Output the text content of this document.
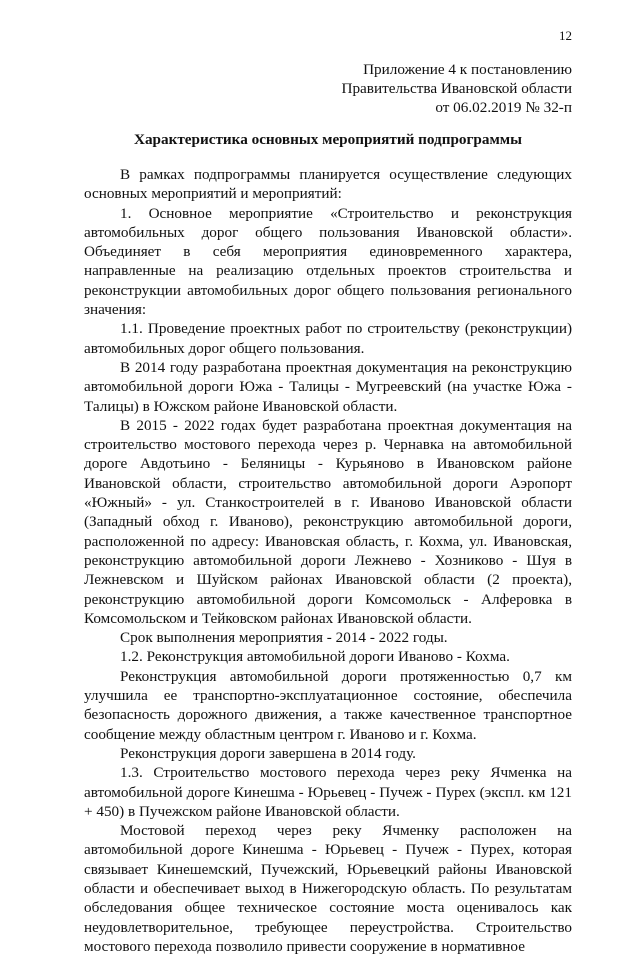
12
Приложение 4 к постановлению
Правительства Ивановской области
от 06.02.2019 № 32-п
Характеристика основных мероприятий подпрограммы

В рамках подпрограммы планируется осуществление следующих основных мероприятий и мероприятий:

1. Основное мероприятие «Строительство и реконструкция автомобильных дорог общего пользования Ивановской области». Объединяет в себя мероприятия единовременного характера, направленные на реализацию отдельных проектов строительства и реконструкции автомобильных дорог общего пользования регионального значения:

1.1. Проведение проектных работ по строительству (реконструкции) автомобильных дорог общего пользования.

В 2014 году разработана проектная документация на реконструкцию автомобильной дороги Южа - Талицы - Мугреевский (на участке Южа - Талицы) в Южском районе Ивановской области.

В 2015 - 2022 годах будет разработана проектная документация на строительство мостового перехода через р. Чернавка на автомобильной дороге Авдотьино - Беляницы - Курьяново в Ивановском районе Ивановской области, строительство автомобильной дороги Аэропорт «Южный» - ул. Станкостроителей в г. Иваново Ивановской области (Западный обход г. Иваново), реконструкцию автомобильной дороги, расположенной по адресу: Ивановская область, г. Кохма, ул. Ивановская, реконструкцию автомобильной дороги Лежнево - Хозниково - Шуя в Лежневском и Шуйском районах Ивановской области (2 проекта), реконструкцию автомобильной дороги Комсомольск - Алферовка в Комсомольском и Тейковском районах Ивановской области.

Срок выполнения мероприятия - 2014 - 2022 годы.

1.2. Реконструкция автомобильной дороги Иваново - Кохма.

Реконструкция автомобильной дороги протяженностью 0,7 км улучшила ее транспортно-эксплуатационное состояние, обеспечила безопасность дорожного движения, а также качественное транспортное сообщение между областным центром г. Иваново и г. Кохма.

Реконструкция дороги завершена в 2014 году.

1.3. Строительство мостового перехода через реку Ячменка на автомобильной дороге Кинешма - Юрьевец - Пучеж - Пурех (экспл. км 121 + 450) в Пучежском районе Ивановской области.

Мостовой переход через реку Ячменку расположен на автомобильной дороге Кинешма - Юрьевец - Пучеж - Пурех, которая связывает Кинешемский, Пучежский, Юрьевецкий районы Ивановской области и обеспечивает выход в Нижегородскую область. По результатам обследования общее техническое состояние моста оценивалось как неудовлетворительное, требующее переустройства. Строительство мостового перехода позволило привести сооружение в нормативное
